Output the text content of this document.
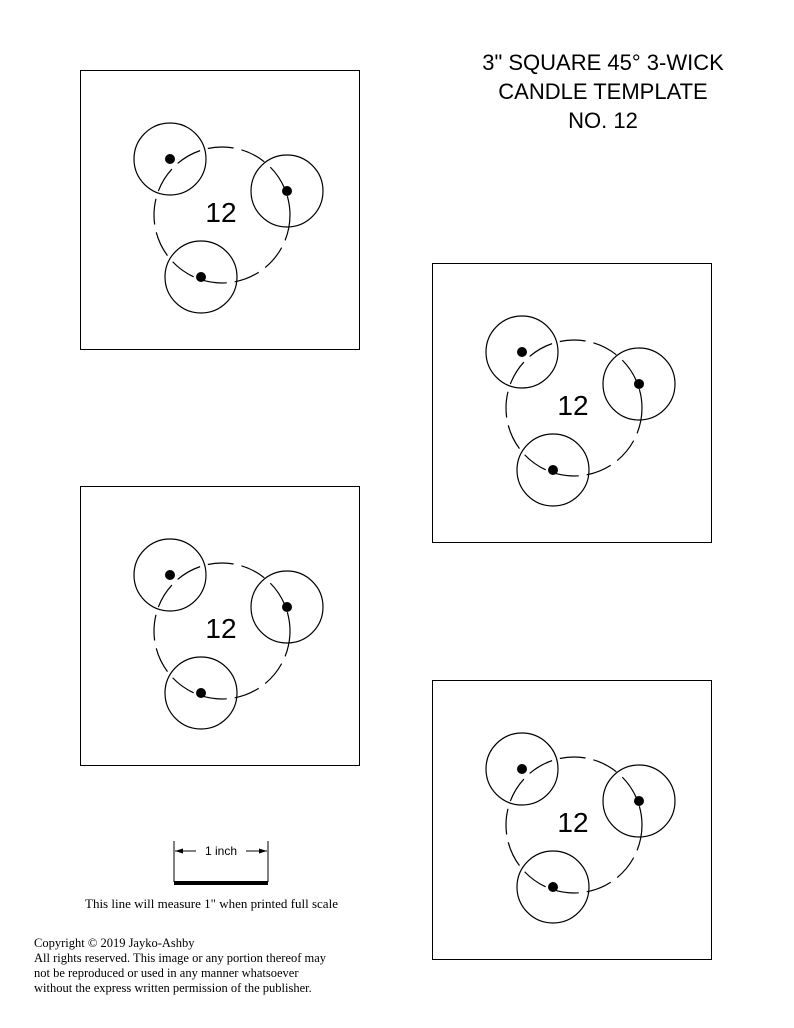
3" SQUARE 45° 3-WICK
CANDLE TEMPLATE
NO. 12
12
12
12
12
1 inch
This line will measure 1" when printed full scale
Copyright © 2019 Jayko-Ashby
All rights reserved. This image or any portion thereof may
not be reproduced or used in any manner whatsoever
without the express written permission of the publisher.
